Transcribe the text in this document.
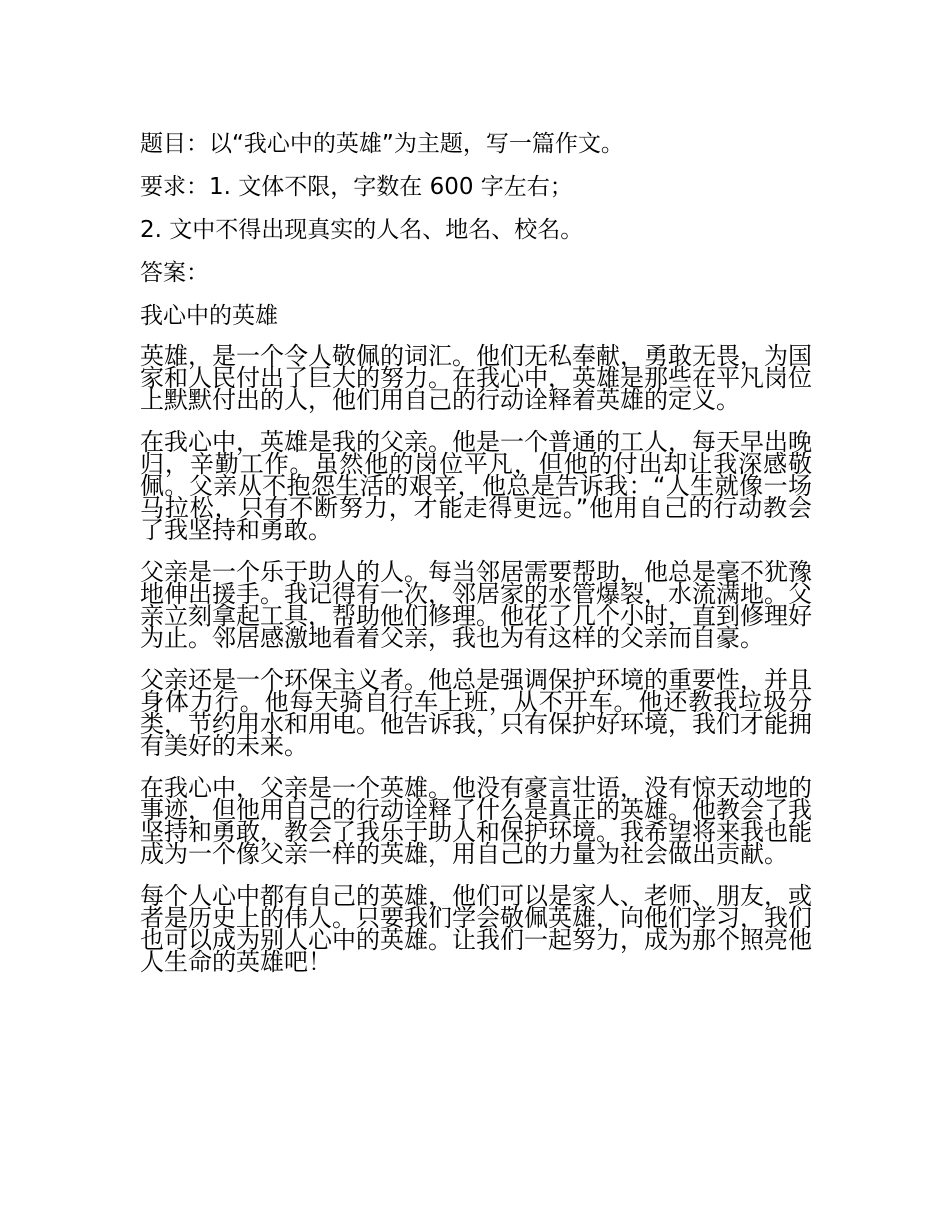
题目：以“我心中的英雄”为主题，写一篇作文。
要求：1. 文体不限，字数在 600 字左右；
2. 文中不得出现真实的人名、地名、校名。
答案：
我心中的英雄

英雄，是一个令人敬佩的词汇。他们无私奉献，勇敢无畏，为国家和人民付出了巨大的努力。在我心中，英雄是那些在平凡岗位上默默付出的人，他们用自己的行动诠释着英雄的定义。

在我心中，英雄是我的父亲。他是一个普通的工人，每天早出晚归，辛勤工作。虽然他的岗位平凡，但他的付出却让我深感敬佩。父亲从不抱怨生活的艰辛，他总是告诉我：“人生就像一场马拉松，只有不断努力，才能走得更远。”他用自己的行动教会了我坚持和勇敢。

父亲是一个乐于助人的人。每当邻居需要帮助，他总是毫不犹豫地伸出援手。我记得有一次，邻居家的水管爆裂，水流满地。父亲立刻拿起工具，帮助他们修理。他花了几个小时，直到修理好为止。邻居感激地看着父亲，我也为有这样的父亲而自豪。

父亲还是一个环保主义者。他总是强调保护环境的重要性，并且身体力行。他每天骑自行车上班，从不开车。他还教我垃圾分类，节约用水和用电。他告诉我，只有保护好环境，我们才能拥有美好的未来。

在我心中，父亲是一个英雄。他没有豪言壮语，没有惊天动地的事迹，但他用自己的行动诠释了什么是真正的英雄。他教会了我坚持和勇敢，教会了我乐于助人和保护环境。我希望将来我也能成为一个像父亲一样的英雄，用自己的力量为社会做出贡献。

每个人心中都有自己的英雄，他们可以是家人、老师、朋友，或者是历史上的伟人。只要我们学会敬佩英雄，向他们学习，我们也可以成为别人心中的英雄。让我们一起努力，成为那个照亮他人生命的英雄吧！
